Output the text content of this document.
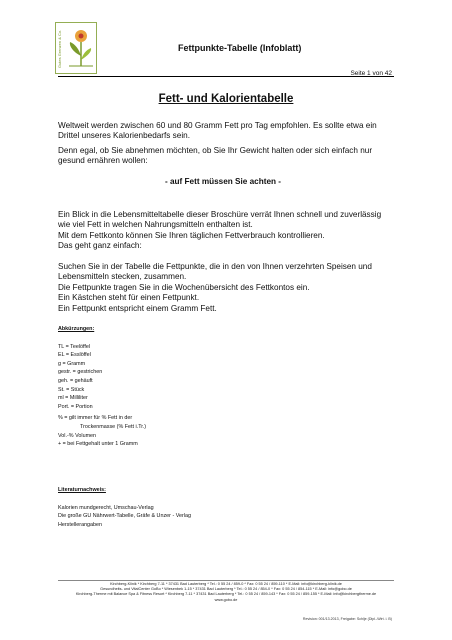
Gutes Grenzen & Co.	Fettpunkte-Tabelle (Infoblatt)
Seite 1 von 42
Fett- und Kalorientabelle

Weltweit werden zwischen 60 und 80 Gramm Fett pro Tag empfohlen. Es sollte etwa ein Drittel unseres Kalorienbedarfs sein.

Denn egal, ob Sie abnehmen möchten, ob Sie Ihr Gewicht halten oder sich einfach nur gesund ernähren wollen:

- auf Fett müssen Sie achten -

Ein Blick in die Lebensmitteltabelle dieser Broschüre verrät Ihnen schnell und zuverlässig wie viel Fett in welchen Nahrungsmitteln enthalten ist.

Mit dem Fettkonto können Sie Ihren täglichen Fettverbrauch kontrollieren.

Das geht ganz einfach:

Suchen Sie in der Tabelle die Fettpunkte, die in den von Ihnen verzehrten Speisen und Lebensmitteln stecken, zusammen.

Die Fettpunkte tragen Sie in die Wochenübersicht des Fettkontos ein.

Ein Kästchen steht für einen Fettpunkt.

Ein Fettpunkt entspricht einem Gramm Fett.

Abkürzungen:

TL = Teelöffel

EL = Esslöffel

g = Gramm

gestr. = gestrichen

geh. = gehäuft

St. = Stück

ml = Milliliter

Port. = Portion

% = gilt immer für % Fett in der

Trockenmasse (% Fett i.Tr.)

Vol.-% Volumen

+ = bei Fettgehalt unter 1 Gramm

Literaturnachweis:

Kalorien mundgerecht, Umschau-Verlag

Die große GU Nährwert-Tabelle, Gräfe & Unzer - Verlag

Herstellerangaben

Kirchberg-Klinik * Kirchberg 7-11 * 37431 Bad Lauterberg * Tel.: 0 55 24 / 859-0 * Fax: 0 55 24 / 859-110 * E-Mail: info@kirchberg-klinik.de
Gesundheits- und VitalCenter GoBo * Wiesenbek 1-15 * 37431 Bad Lauterberg * Tel.: 0 55 24 / 854-0 * Fax: 0 55 24 / 854-115 * E-Mail: info@gobo.de
Kirchberg-Therme mit Balance Spa & Fitness Resort * Kirchberg 7-11 * 37431 Bad Lauterberg * Tel.: 0 55 24 / 859-143 * Fax: 0 55 24 / 859-155 * E-Mail: info@kirchbergtherme.de
www.gobo.de
Revision: 001/13.2013, Freigabe: Schlje (Dipl.-Wirt. i. B)
